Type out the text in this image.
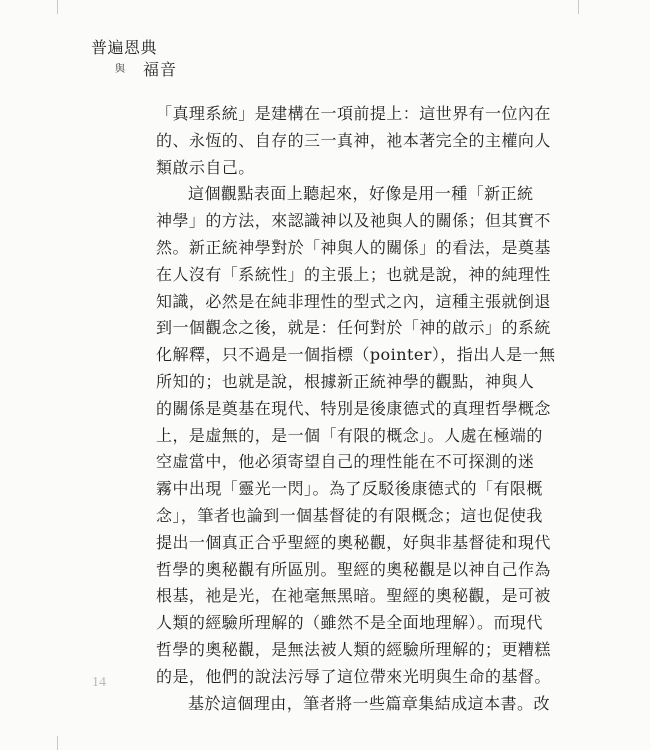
普遍恩典
與 福音

「真理系統」是建構在一項前提上：這世界有一位內在
的、永恆的、自存的三一真神，祂本著完全的主權向人
類啟示自己。

這個觀點表面上聽起來，好像是用一種「新正統
神學」的方法，來認識神以及祂與人的關係；但其實不
然。新正統神學對於「神與人的關係」的看法，是奠基
在人沒有「系統性」的主張上；也就是說，神的純理性
知識，必然是在純非理性的型式之內，這種主張就倒退
到一個觀念之後，就是：任何對於「神的啟示」的系統
化解釋，只不過是一個指標（pointer），指出人是一無
所知的；也就是說，根據新正統神學的觀點，神與人
的關係是奠基在現代、特別是後康德式的真理哲學概念
上，是虛無的，是一個「有限的概念」。人處在極端的
空虛當中，他必須寄望自己的理性能在不可探測的迷
霧中出現「靈光一閃」。為了反駁後康德式的「有限概
念」，筆者也論到一個基督徒的有限概念；這也促使我
提出一個真正合乎聖經的奧秘觀，好與非基督徒和現代
哲學的奧秘觀有所區別。聖經的奧秘觀是以神自己作為
根基，祂是光，在祂毫無黑暗。聖經的奧秘觀，是可被
人類的經驗所理解的（雖然不是全面地理解）。而現代
哲學的奧秘觀，是無法被人類的經驗所理解的；更糟糕
的是，他們的說法污辱了這位帶來光明與生命的基督。

基於這個理由，筆者將一些篇章集結成這本書。改

14
